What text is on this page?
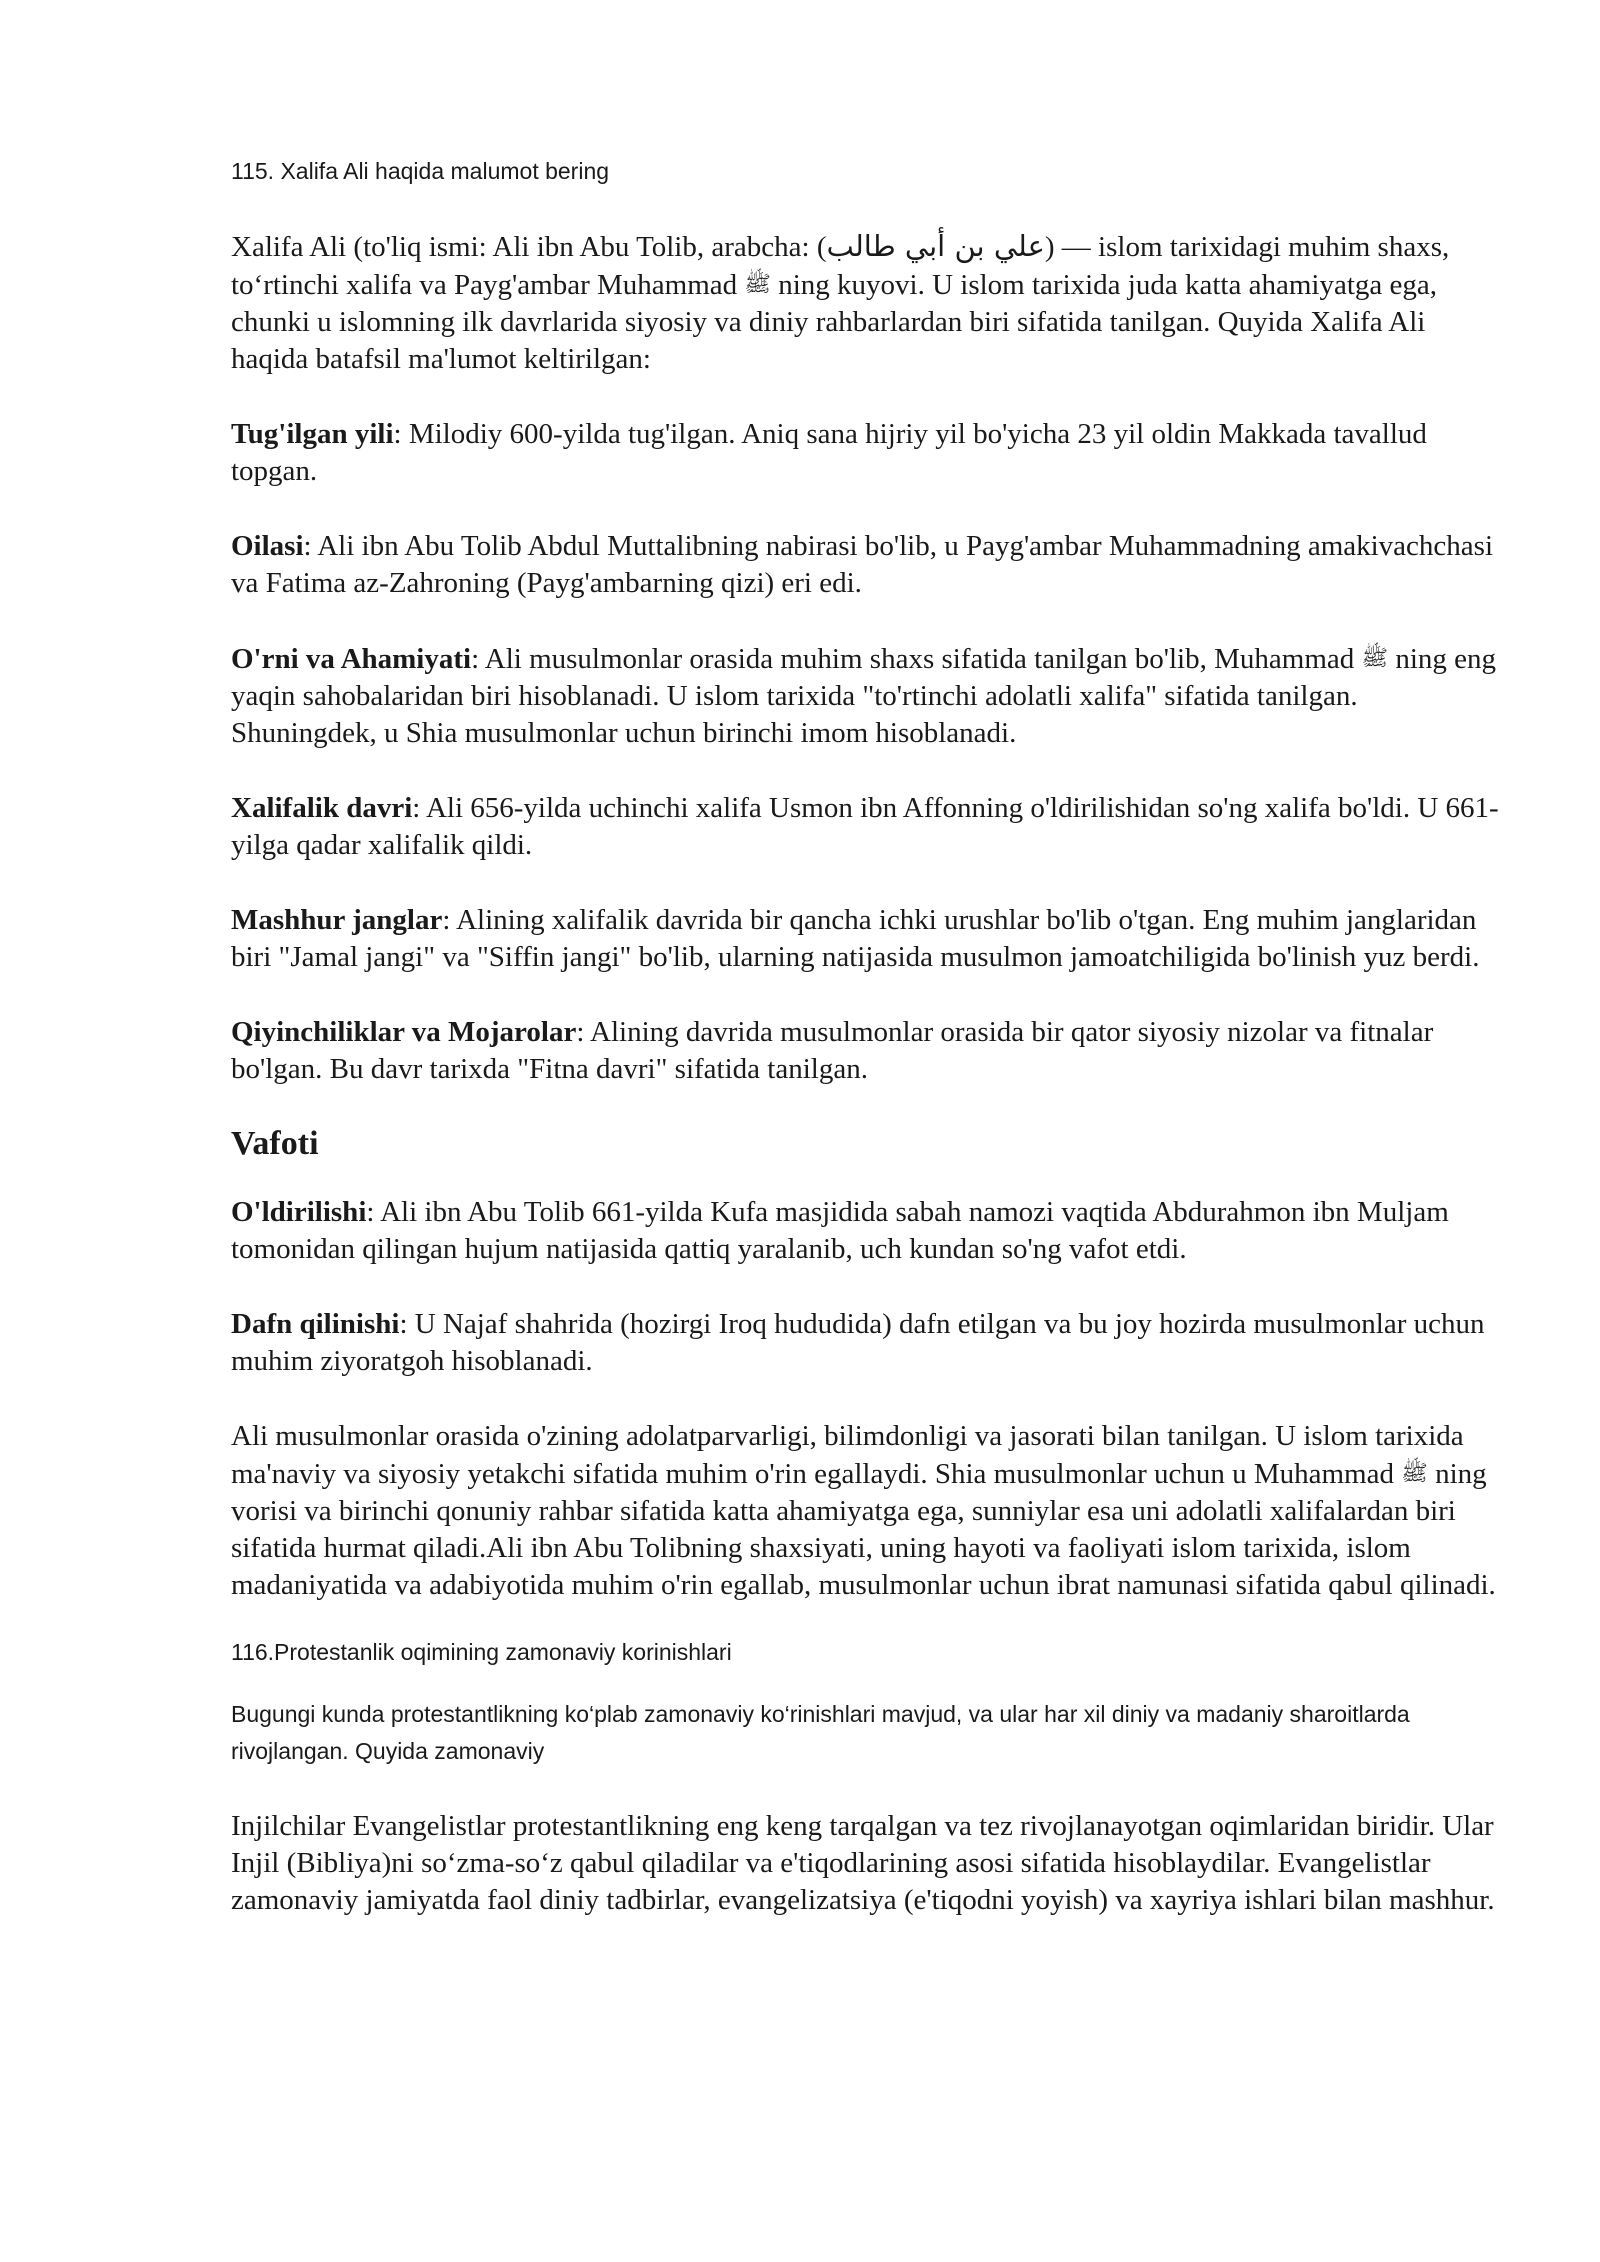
115. Xalifa Ali haqida malumot bering

Xalifa Ali (to'liq ismi: Ali ibn Abu Tolib, arabcha: (علي بن أبي طالب) — islom tarixidagi muhim shaxs, to‘rtinchi xalifa va Payg'ambar Muhammad ﷺ ning kuyovi. U islom tarixida juda katta ahamiyatga ega, chunki u islomning ilk davrlarida siyosiy va diniy rahbarlardan biri sifatida tanilgan. Quyida Xalifa Ali haqida batafsil ma'lumot keltirilgan:

Tug'ilgan yili: Milodiy 600-yilda tug'ilgan. Aniq sana hijriy yil bo'yicha 23 yil oldin Makkada tavallud topgan.

Oilasi: Ali ibn Abu Tolib Abdul Muttalibning nabirasi bo'lib, u Payg'ambar Muhammadning amakivachchasi va Fatima az-Zahroning (Payg'ambarning qizi) eri edi.

O'rni va Ahamiyati: Ali musulmonlar orasida muhim shaxs sifatida tanilgan bo'lib, Muhammad ﷺ ning eng yaqin sahobalaridan biri hisoblanadi. U islom tarixida "to'rtinchi adolatli xalifa" sifatida tanilgan. Shuningdek, u Shia musulmonlar uchun birinchi imom hisoblanadi.

Xalifalik davri: Ali 656-yilda uchinchi xalifa Usmon ibn Affonning o'ldirilishidan so'ng xalifa bo'ldi. U 661-yilga qadar xalifalik qildi.

Mashhur janglar: Alining xalifalik davrida bir qancha ichki urushlar bo'lib o'tgan. Eng muhim janglaridan biri "Jamal jangi" va "Siffin jangi" bo'lib, ularning natijasida musulmon jamoatchiligida bo'linish yuz berdi.

Qiyinchiliklar va Mojarolar: Alining davrida musulmonlar orasida bir qator siyosiy nizolar va fitnalar bo'lgan. Bu davr tarixda "Fitna davri" sifatida tanilgan.

Vafoti

O'ldirilishi: Ali ibn Abu Tolib 661-yilda Kufa masjidida sabah namozi vaqtida Abdurahmon ibn Muljam tomonidan qilingan hujum natijasida qattiq yaralanib, uch kundan so'ng vafot etdi.

Dafn qilinishi: U Najaf shahrida (hozirgi Iroq hududida) dafn etilgan va bu joy hozirda musulmonlar uchun muhim ziyoratgoh hisoblanadi.

Ali musulmonlar orasida o'zining adolatparvarligi, bilimdonligi va jasorati bilan tanilgan. U islom tarixida ma'naviy va siyosiy yetakchi sifatida muhim o'rin egallaydi. Shia musulmonlar uchun u Muhammad ﷺ ning vorisi va birinchi qonuniy rahbar sifatida katta ahamiyatga ega, sunniylar esa uni adolatli xalifalardan biri sifatida hurmat qiladi.Ali ibn Abu Tolibning shaxsiyati, uning hayoti va faoliyati islom tarixida, islom madaniyatida va adabiyotida muhim o'rin egallab, musulmonlar uchun ibrat namunasi sifatida qabul qilinadi.

116.Protestanlik oqimining zamonaviy korinishlari

Bugungi kunda protestantlikning ko‘plab zamonaviy ko‘rinishlari mavjud, va ular har xil diniy va madaniy sharoitlarda rivojlangan. Quyida zamonaviy

Injilchilar Evangelistlar protestantlikning eng keng tarqalgan va tez rivojlanayotgan oqimlaridan biridir. Ular Injil (Bibliya)ni so‘zma-so‘z qabul qiladilar va e'tiqodlarining asosi sifatida hisoblaydilar. Evangelistlar zamonaviy jamiyatda faol diniy tadbirlar, evangelizatsiya (e'tiqodni yoyish) va xayriya ishlari bilan mashhur.
